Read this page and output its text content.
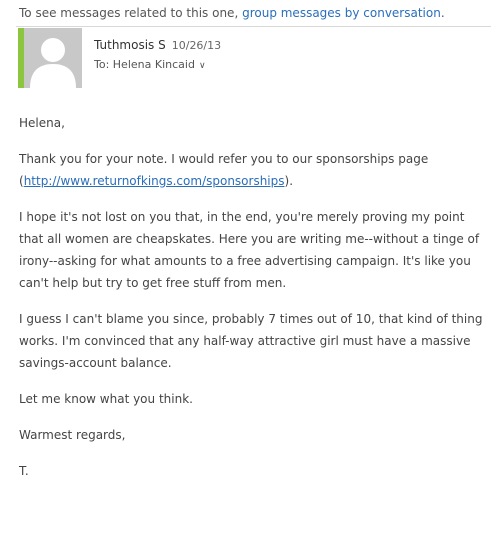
To see messages related to this one, group messages by conversation.
Tuthmosis S 10/26/13
To: Helena Kincaid ∨

Helena,

Thank you for your note. I would refer you to our sponsorships page (http://www.returnofkings.com/sponsorships).

I hope it's not lost on you that, in the end, you're merely proving my point that all women are cheapskates. Here you are writing me--without a tinge of irony--asking for what amounts to a free advertising campaign. It's like you can't help but try to get free stuff from men.

I guess I can't blame you since, probably 7 times out of 10, that kind of thing works. I'm convinced that any half-way attractive girl must have a massive savings-account balance.

Let me know what you think.

Warmest regards,

T.
